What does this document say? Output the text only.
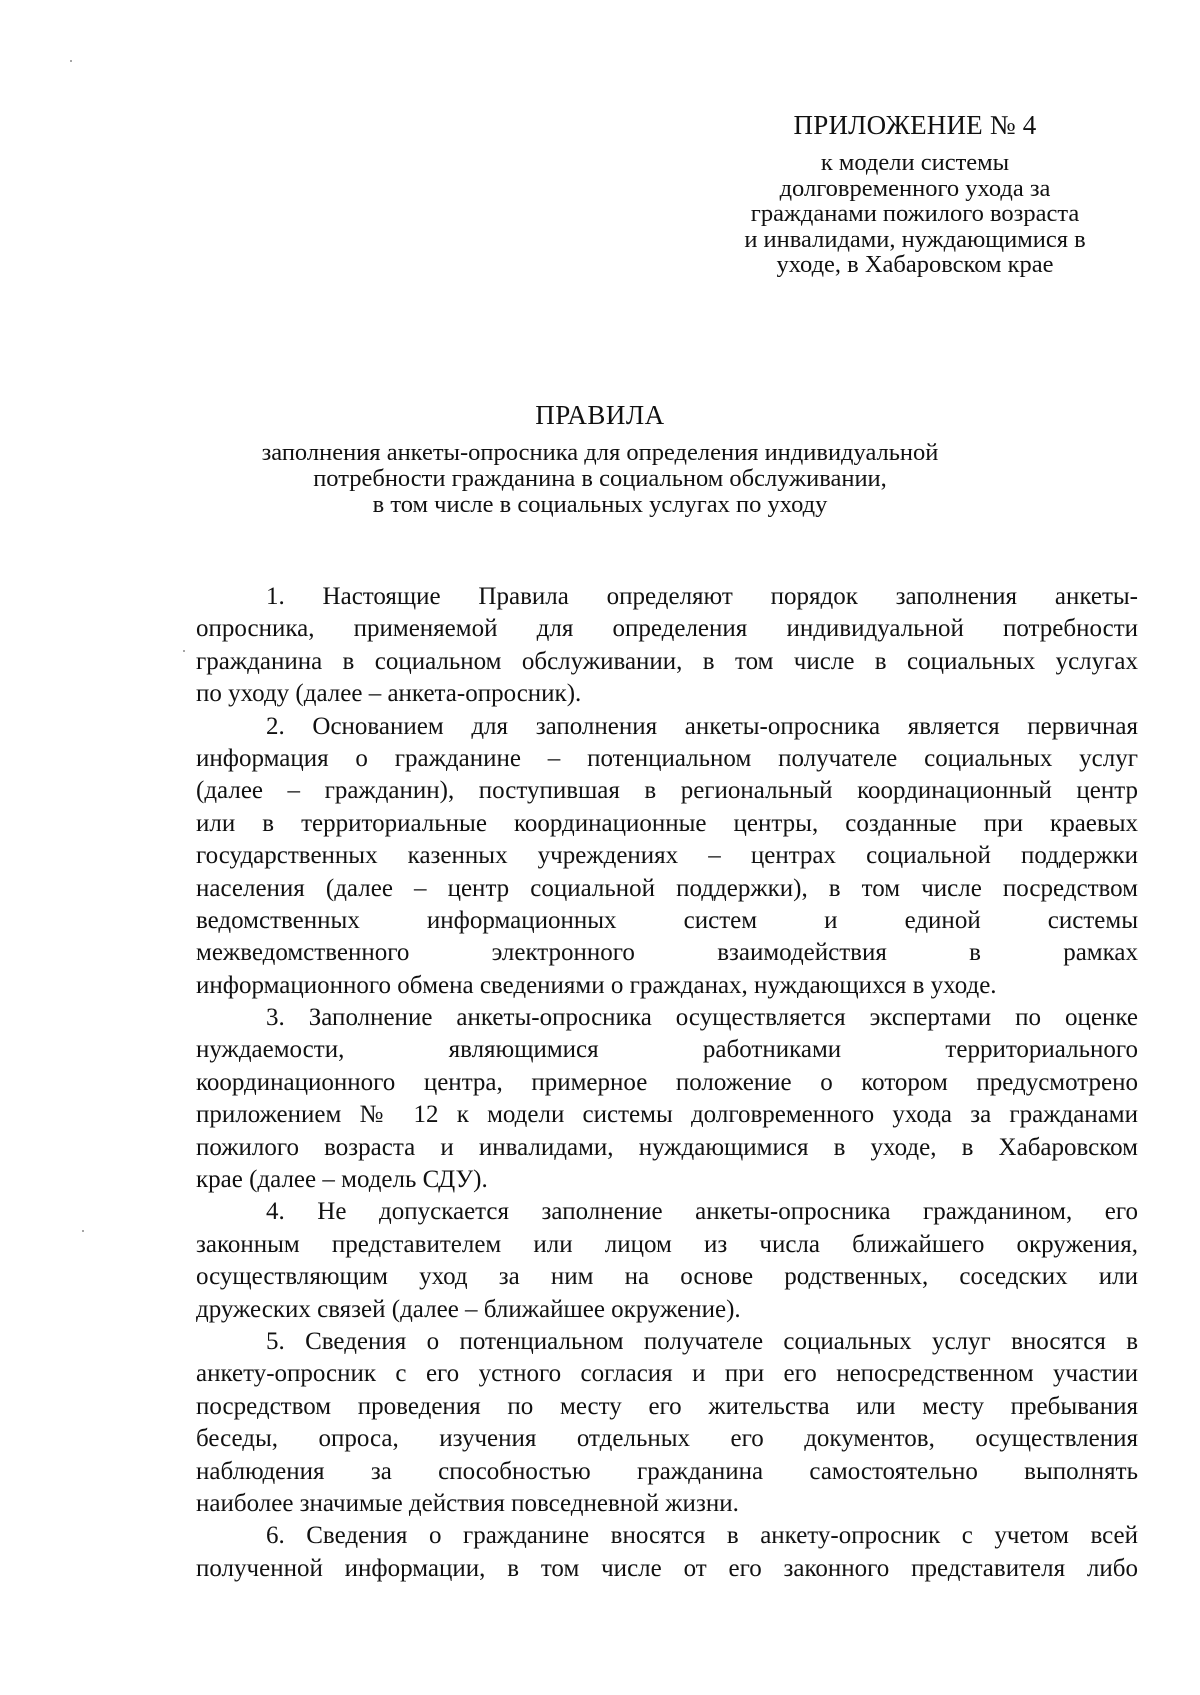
ПРИЛОЖЕНИЕ № 4
к модели системы
долговременного ухода за
гражданами пожилого возраста
и инвалидами, нуждающимися в
уходе, в Хабаровском крае
ПРАВИЛА
заполнения анкеты-опросника для определения индивидуальной
потребности гражданина в социальном обслуживании,
в том числе в социальных услугах по уходу
1. Настоящие Правила определяют порядок заполнения анкеты-
опросника, применяемой для определения индивидуальной потребности
гражданина в социальном обслуживании, в том числе в социальных услугах
по уходу (далее – анкета-опросник).
2. Основанием для заполнения анкеты-опросника является первичная
информация о гражданине – потенциальном получателе социальных услуг
(далее – гражданин), поступившая в региональный координационный центр
или в территориальные координационные центры, созданные при краевых
государственных казенных учреждениях – центрах социальной поддержки
населения (далее – центр социальной поддержки), в том числе посредством
ведомственных информационных систем и единой системы
межведомственного электронного взаимодействия в рамках
информационного обмена сведениями о гражданах, нуждающихся в уходе.
3. Заполнение анкеты-опросника осуществляется экспертами по оценке
нуждаемости, являющимися работниками территориального
координационного центра, примерное положение о котором предусмотрено
приложением № 12 к модели системы долговременного ухода за гражданами
пожилого возраста и инвалидами, нуждающимися в уходе, в Хабаровском
крае (далее – модель СДУ).
4. Не допускается заполнение анкеты-опросника гражданином, его
законным представителем или лицом из числа ближайшего окружения,
осуществляющим уход за ним на основе родственных, соседских или
дружеских связей (далее – ближайшее окружение).
5. Сведения о потенциальном получателе социальных услуг вносятся в
анкету-опросник с его устного согласия и при его непосредственном участии
посредством проведения по месту его жительства или месту пребывания
беседы, опроса, изучения отдельных его документов, осуществления
наблюдения за способностью гражданина самостоятельно выполнять
наиболее значимые действия повседневной жизни.
6. Сведения о гражданине вносятся в анкету-опросник с учетом всей
полученной информации, в том числе от его законного представителя либо
